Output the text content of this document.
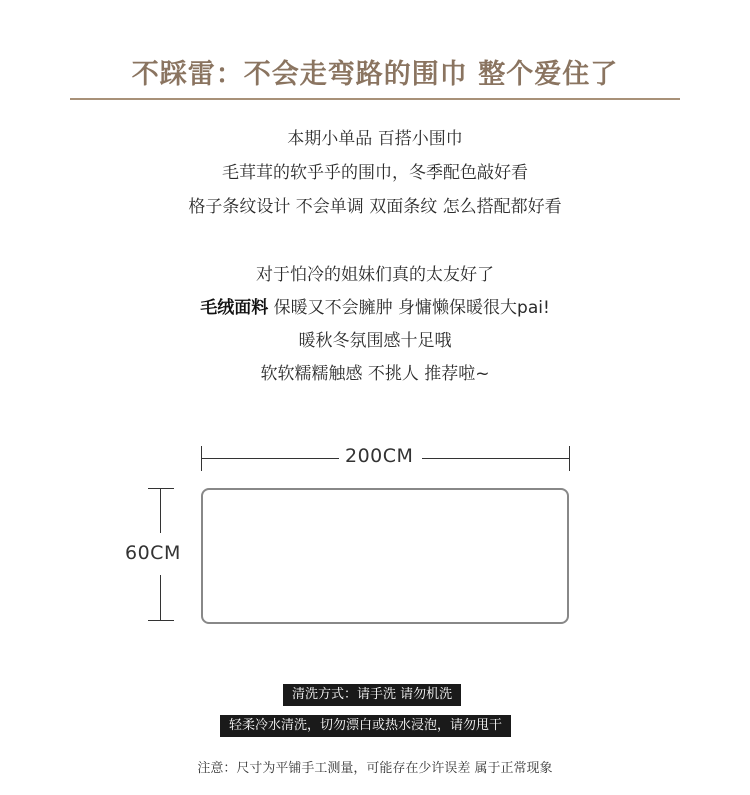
不踩雷：不会走弯路的围巾 整个爱住了
本期小单品 百搭小围巾
毛茸茸的软乎乎的围巾，冬季配色敲好看
格子条纹设计 不会单调 双面条纹 怎么搭配都好看
对于怕冷的姐妹们真的太友好了
毛绒面料 保暖又不会臃肿 身慵懒保暖很大pai!
暖秋冬氛围感十足哦
软软糯糯触感 不挑人 推荐啦~
200CM
60CM
清洗方式：请手洗 请勿机洗
轻柔冷水清洗，切勿漂白或热水浸泡，请勿甩干
注意：尺寸为平铺手工测量，可能存在少许误差 属于正常现象
